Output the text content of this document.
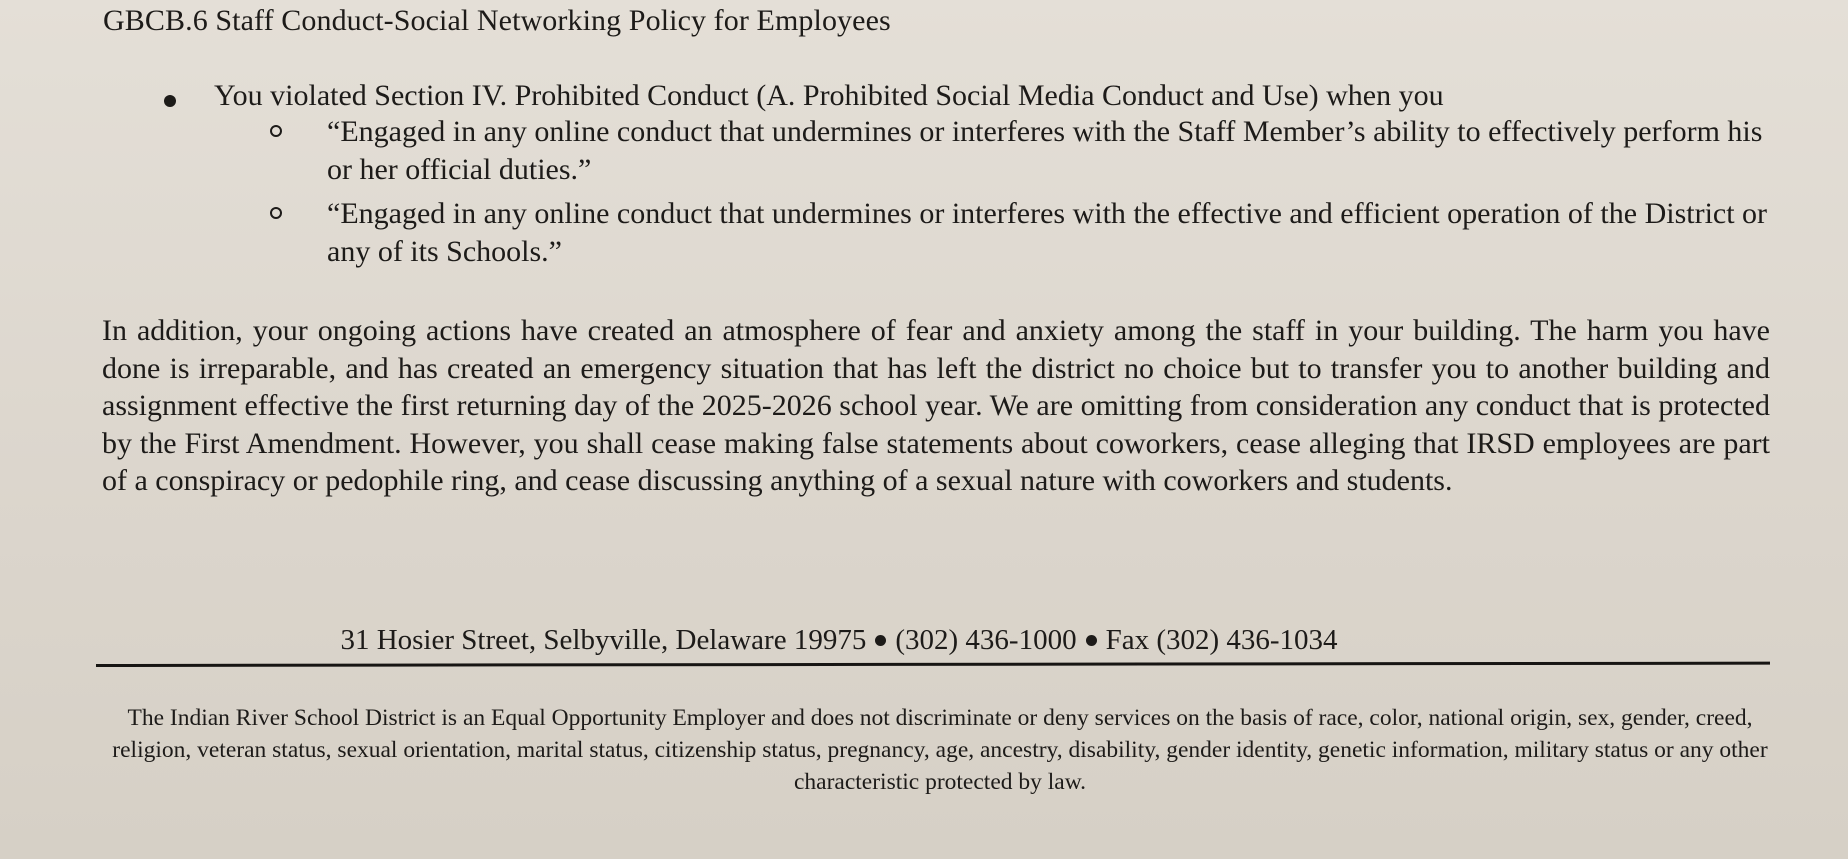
GBCB.6 Staff Conduct-Social Networking Policy for Employees
You violated Section IV. Prohibited Conduct (A. Prohibited Social Media Conduct and Use) when you
“Engaged in any online conduct that undermines or interferes with the Staff Member’s ability to effectively perform his or her official duties.”
“Engaged in any online conduct that undermines or interferes with the effective and efficient operation of the District or any of its Schools.”
In addition, your ongoing actions have created an atmosphere of fear and anxiety among the staff in your building. The harm you have done is irreparable, and has created an emergency situation that has left the district no choice but to transfer you to another building and assignment effective the first returning day of the 2025-2026 school year. We are omitting from consideration any conduct that is protected by the First Amendment. However, you shall cease making false statements about coworkers, cease alleging that IRSD employees are part of a conspiracy or pedophile ring, and cease discussing anything of a sexual nature with coworkers and students.
31 Hosier Street, Selbyville, Delaware 19975 (302) 436-1000 Fax (302) 436-1034
The Indian River School District is an Equal Opportunity Employer and does not discriminate or deny services on the basis of race, color, national origin, sex, gender, creed, religion, veteran status, sexual orientation, marital status, citizenship status, pregnancy, age, ancestry, disability, gender identity, genetic information, military status or any other characteristic protected by law.
